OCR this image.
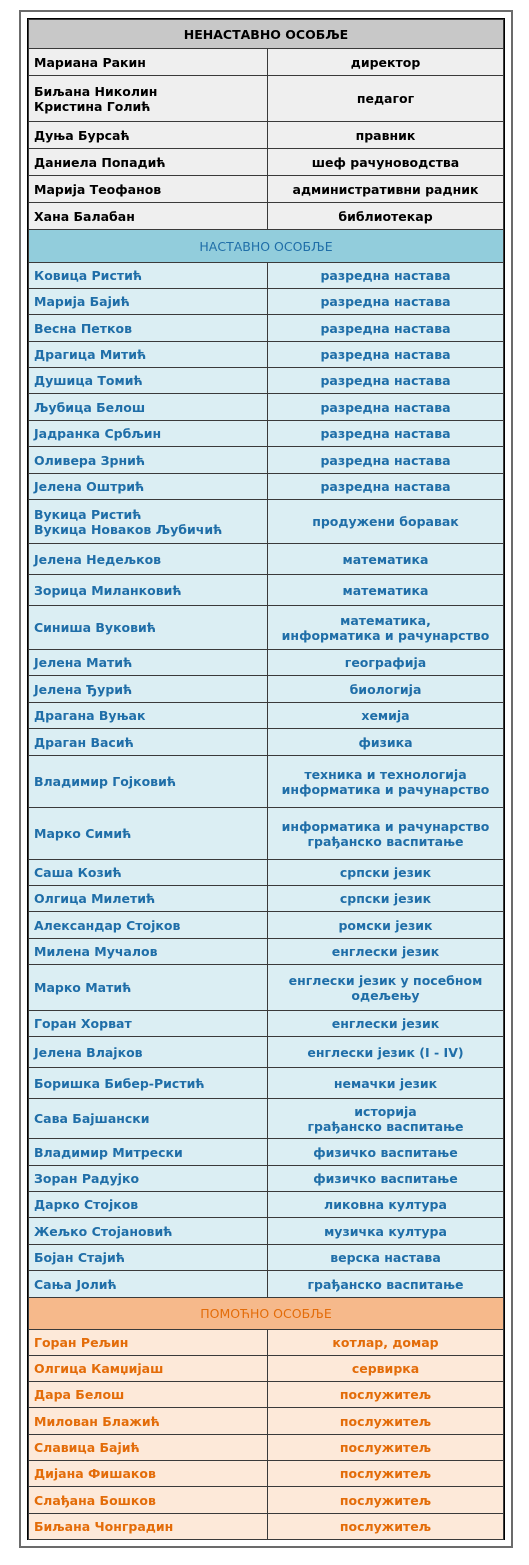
НЕНАСТАВНО ОСОБЉЕ	

Мариана Ракин	директор

Биљана Николин
Кристина Голић	педагог

Дуња Бурсаћ	правник

Даниела Попадић	шеф рачуноводства

Марија Теофанов	административни радник

Хана Балабан	библиотекар

НАСТАВНО ОСОБЉЕ	

Ковица Ристић	разредна настава

Марија Бајић	разредна настава

Весна Петков	разредна настава

Драгица Митић	разредна настава

Душица Томић	разредна настава

Љубица Белош	разредна настава

Јадранка Србљин	разредна настава

Оливера Зрнић	разредна настава

Јелена Оштрић	разредна настава

Вукица Ристић
Вукица Новаков Љубичић	продужени боравак

Јелена Недељков	математика

Зорица Миланковић	математика

Синиша Вуковић	математика,
информатика и рачунарство

Јелена Матић	географија

Јелена Ђурић	биологија

Драгана Вуњак	хемија

Драган Васић	физика

Владимир Гојковић	техника и технологија
информатика и рачунарство

Марко Симић	информатика и рачунарство
грађанско васпитање

Саша Козић	српски језик

Олгица Милетић	српски језик

Александар Стојков	ромски језик

Милена Мучалов	енглески језик

Марко Матић	енглески језик у посебном
одељењу

Горан Хорват	енглески језик

Јелена Влајков	енглески језик (I - IV)

Боришка Бибер-Ристић	немачки језик

Сава Бајшански	историја
грађанско васпитање

Владимир Митрески	физичко васпитање

Зоран Радујко	физичко васпитање

Дарко Стојков	ликовна култура

Жељко Стојановић	музичка култура

Бојан Стајић	верска настава

Сања Јолић	грађанско васпитање

ПОМОЋНО ОСОБЉЕ	

Горан Рељин	котлар, домар

Олгица Камџијаш	сервирка

Дара Белош	послужитељ

Милован Блажић	послужитељ

Славица Бајић	послужитељ

Дијана Фишаков	послужитељ

Слађана Бошков	послужитељ

Биљана Чонградин	послужитељ
